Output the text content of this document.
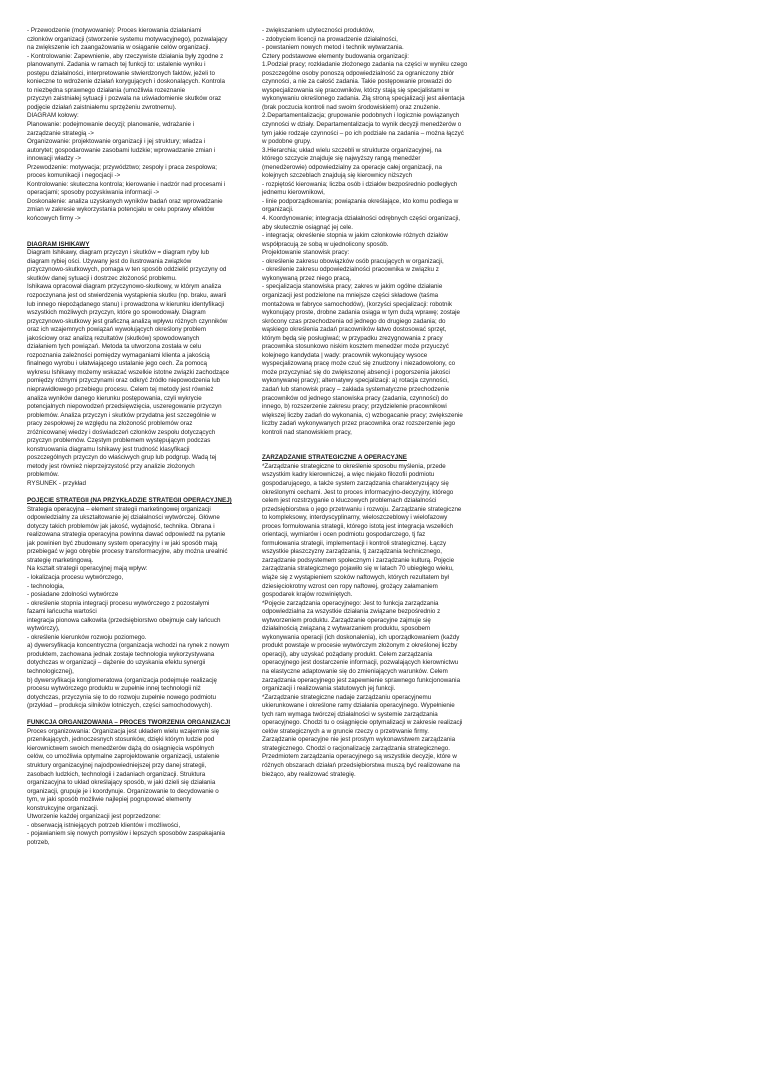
- Przewodzenie (motywowanie): Proces kierowania działaniami
członków organizacji (stworzenie systemu motywacyjnego), pozwalający
na zwiększenie ich zaangażowania w osiąganie celów organizacji.
- Kontrolowanie: Zapewnienie, aby rzeczywiste działania były zgodne z
planowanymi. Zadania w ramach tej funkcji to: ustalenie wyniku i
postępu działalności, interpretowanie stwierdzonych faktów, jeżeli to
konieczne to wdrożenie działań korygujących i doskonalących. Kontrola
to niezbędna sprawnego działania (umożliwia rozeznanie
przyczyn zaistniałej sytuacji i pozwala na uświadomienie skutków oraz
podjęcie działań zaistniałemu sprzężeniu zwrotnemu).
DIAGRAM kołowy:
Planowanie: podejmowanie decyzji; planowanie, wdrażanie i
zarządzanie strategią ->
Organizowanie: projektowanie organizacji i jej struktury; władza i
autorytet; gospodarowanie zasobami ludzkie; wprowadzanie zmian i
innowacji władzy ->
Przewodzenie: motywacja; przywództwo; zespoły i praca zespołowa;
proces komunikacji i negocjacji ->
Kontrolowanie: skuteczna kontrola; kierowanie i nadzór nad procesami i
operacjami; sposoby pozyskiwania informacji ->
Doskonalenie: analiza uzyskanych wyników badań oraz wprowadzanie
zmian w zakresie wykorzystania potencjału w celu poprawy efektów
końcowych firmy ->
DIAGRAM ISHIKAWY
Diagram Ishikawy, diagram przyczyn i skutków = diagram ryby lub
diagram rybiej ości. Używany jest do ilustrowania związków
przyczynowo-skutkowych, pomaga w ten sposób oddzielić przyczyny od
skutków danej sytuacji i dostrzec złożoność problemu.
Ishikawa opracował diagram przyczynowo-skutkowy, w którym analiza
rozpoczynana jest od stwierdzenia wystąpienia skutku (np. braku, awarii
lub innego niepożądanego stanu) i prowadzona w kierunku identyfikacji
wszystkich możliwych przyczyn, które go spowodowały. Diagram
przyczynowo-skutkowy jest graficzną analizą wpływu różnych czynników
oraz ich wzajemnych powiązań wywołujących określony problem
jakościowy oraz analizą rezultatów (skutków) spowodowanych
działaniem tych powiązań. Metoda ta utworzona została w celu
rozpoznania zależności pomiędzy wymaganiami klienta a jakością
finalnego wyrobu i ułatwiającego ustalanie jego cech. Za pomocą
wykresu Ishikawy możemy wskazać wszelkie istotne związki zachodzące
pomiędzy różnymi przyczynami oraz odkryć źródło niepowodzenia lub
nieprawidłowego przebiegu procesu. Celem tej metody jest również
analiza wyników danego kierunku postępowania, czyli wykrycie
potencjalnych niepowodzeń przedsięwzięcia, uszeregowanie przyczyn
problemów. Analiza przyczyn i skutków przydatna jest szczególnie w
pracy zespołowej ze względu na złożoność problemów oraz
zróżnicowanej wiedzy i doświadczeń członków zespołu dotyczących
przyczyn problemów. Częstym problemem występującym podczas
konstruowania diagramu Ishikawy jest trudność klasyfikacji
poszczególnych przyczyn do właściwych grup lub podgrup. Wadą tej
metody jest również nieprzejrzystość przy analizie złożonych
problemów.
RYSUNEK - przykład
POJĘCIE STRATEGII (NA PRZYKŁADZIE STRATEGII OPERACYJNEJ)
Strategia operacyjna – element strategii marketingowej organizacji
odpowiedzialny za ukształtowanie jej działalności wytwórczej. Główne
dotyczy takich problemów jak jakość, wydajność, technika. Obrana i
realizowana strategia operacyjna powinna dawać odpowiedź na pytanie
jak powinien być zbudowany system operacyjny i w jaki sposób mają
przebiegać w jego obrębie procesy transformacyjne, aby można urealnić
strategię marketingową.
Na kształt strategii operacyjnej mają wpływ:
- lokalizacja procesu wytwórczego,
- technologia,
- posiadane zdolności wytwórcze
- określenie stopnia integracji procesu wytwórczego z pozostałymi
fazami łańcucha wartości
integracja pionowa całkowita (przedsiębiorstwo obejmuje cały łańcuch
wytwórczy),
- określenie kierunków rozwoju poziomego.
a) dywersyfikacja koncentryczna (organizacja wchodzi na rynek z nowym
produktem, zachowana jednak zostaje technologia wykorzystywana
dotychczas w organizacji – dążenie do uzyskania efektu synergii
technologicznej),
b) dywersyfikacja konglomeratowa (organizacja podejmuje realizację
procesu wytwórczego produktu w zupełnie innej technologii niż
dotychczas, przyczynia się to do rozwoju zupełnie nowego podmiotu
(przykład – produkcja silników lotniczych, części samochodowych).
FUNKCJA ORGANIZOWANIA – PROCES TWORZENIA ORGANIZACJI
Proces organizowania: Organizacja jest układem wielu wzajemnie się
przenikających, jednoczesnych stosunków, dzięki którym ludzie pod
kierownictwem swoich menedżerów dążą do osiągnięcia wspólnych
celów, co umożliwia optymalne zaprojektowanie organizacji, ustalenie
struktury organizacyjnej najodpowiedniejszej przy danej strategii,
zasobach ludzkich, technologii i zadaniach organizacji. Struktura
organizacyjna to układ określający sposób, w jaki dzieli się działania
organizacji, grupuje je i koordynuje. Organizowanie to decydowanie o
tym, w jaki sposób możliwie najlepiej pogrupować elementy
konstrukcyjne organizacji.
Utworzenie każdej organizacji jest poprzedzone:
- obserwacją istniejących potrzeb klientów i możliwości,
- pojawianiem się nowych pomysłów i lepszych sposobów zaspakajania
potrzeb,
- zwiększaniem użyteczności produktów,
- zdobyciem licencji na prowadzenie działalności,
- powstaniem nowych metod i technik wytwarzania.
Cztery podstawowe elementy budowania organizacji:
1.Podział pracy; rozkładanie złożonego zadania na części w wyniku czego
poszczególne osoby ponoszą odpowiedzialność za ograniczony zbiór
czynności, a nie za całość zadania. Takie postępowanie prowadzi do
wyspecjalizowania się pracowników, którzy stają się specjalistami w
wykonywaniu określonego zadania. Złą stroną specjalizacji jest alientacja
(brak poczucia kontroli nad swoim środowiskiem) oraz znużenie.
2.Departamentalizacja; grupowanie podobnych i logicznie powiązanych
czynności w działy. Departamentalizacja to wynik decyzji menedżerów o
tym jakie rodzaje czynności – po ich podziale na zadania – można łączyć
w podobne grupy.
3.Hierarchia; układ wielu szczebli w strukturze organizacyjnej, na
którego szczycie znajduje się najwyższy rangą menedżer
(menedżerowie) odpowiedzialny za operacje całej organizacji, na
kolejnych szczeblach znajdują się kierownicy niższych
- rozpiętość kierowania; liczba osób i działów bezpośrednio podległych
jednemu kierownikowi,
- linie podporządkowania; powiązania określające, kto komu podlega w
organizacji.
4. Koordynowanie; integracja działalności odrębnych części organizacji,
aby skutecznie osiągnąć jej cele.
- integracja; określenie stopnia w jakim członkowie różnych działów
współpracują ze sobą w ujednolicony sposób.
Projektowanie stanowisk pracy:
- określenie zakresu obowiązków osób pracujących w organizacji,
- określenie zakresu odpowiedzialności pracownika w związku z
wykonywaną przez niego pracą,
- specjalizacja stanowiska pracy; zakres w jakim ogólne działanie
organizacji jest podzielone na mniejsze części składowe (taśma
montażowa w fabryce samochodów), (korzyści specjalizacji: robotnik
wykonujący proste, drobne zadania osiąga w tym dużą wprawę; zostaje
skrócony czas przechodzenia od jednego do drugiego zadania; do
wąskiego określenia zadań pracowników łatwo dostosować sprzęt,
którym będą się posługiwać; w przypadku zrezygnowania z pracy
pracownika stosunkowo niskim kosztem menedżer może przyuczyć
kolejnego kandydata | wady: pracownik wykonujący wysoce
wyspecjalizowaną pracę może czuć się znudzony i niezadowolony, co
może przyczyniać się do zwiększonej absencji i pogorszenia jakości
wykonywanej pracy); alternatywy specjalizacji: a) rotacja czynności,
zadań lub stanowisk pracy – zakłada systematyczne przechodzenie
pracowników od jednego stanowiska pracy (zadania, czynności) do
innego, b) rozszerzenie zakresu pracy; przydzielenie pracownikowi
większej liczby zadań do wykonania, c) wzbogacanie pracy; zwiększenie
liczby zadań wykonywanych przez pracownika oraz rozszerzenie jego
kontroli nad stanowiskiem pracy,
ZARZĄDZANIE STRATEGICZNE A OPERACYJNE
*Zarządzanie strategiczne to określenie sposobu myślenia, przede
wszystkim kadry kierowniczej, a więc niejako filozofii podmiotu
gospodarującego, a także system zarządzania charakteryzujący się
określonymi cechami. Jest to proces informacyjno-decyzyjny, którego
celem jest rozstrzyganie o kluczowych problemach działalności
przedsiębiorstwa o jego przetrwaniu i rozwoju. Zarządzanie strategiczne
to kompleksowy, interdyscyplinarny, wieloszczeblowy i wielofazowy
proces formułowania strategii, którego istotą jest integracja wszelkich
orientacji, wymiarów i ocen podmiotu gospodarczego, tj faz
formułowania strategii, implementacji i kontroli strategicznej. Łączy
wszystkie płaszczyzny zarządzania, tj zarządzania technicznego,
zarządzanie podsystemem społecznym i zarządzanie kulturą. Pojęcie
zarządzania strategicznego pojawiło się w latach 70 ubiegłego wieku,
wiąże się z wystąpieniem szoków naftowych, których rezultatem był
dziesięciokrotny wzrost cen ropy naftowej, grożący załamaniem
gospodarek krajów rozwiniętych.
*Pojęcie zarządzania operacyjnego: Jest to funkcja zarządzania
odpowiedzialna za wszystkie działania związane bezpośrednio z
wytworzeniem produktu. Zarządzanie operacyjne zajmuje się
działalnością związaną z wytwarzaniem produktu, sposobem
wykonywania operacji (ich doskonalenia), ich uporządkowaniem (każdy
produkt powstaje w procesie wytwórczym złożonym z określonej liczby
operacji), aby uzyskać pożądany produkt. Celem zarządzania
operacyjnego jest dostarczenie informacji, pozwalających kierownictwu
na elastyczne adaptowanie się do zmieniających warunków. Celem
zarządzania operacyjnego jest zapewnienie sprawnego funkcjonowania
organizacji i realizowania statutowych jej funkcji.
*Zarządzanie strategiczne nadaje zarządzaniu operacyjnemu
ukierunkowane i określone ramy działania operacyjnego. Wypełnienie
tych ram wymaga twórczej działalności w systemie zarządzania
operacyjnego. Chodzi tu o osiągnięcie optymalizacji w zakresie realizacji
celów strategicznych a w gruncie rzeczy o przetrwanie firmy.
Zarządzanie operacyjne nie jest prostym wykonawstwem zarządzania
strategicznego. Chodzi o racjonalizację zarządzania strategicznego.
Przedmiotem zarządzania operacyjnego są wszystkie decyzje, które w
różnych obszarach działań przedsiębiorstwa muszą być realizowane na
bieżąco, aby realizować strategię.
